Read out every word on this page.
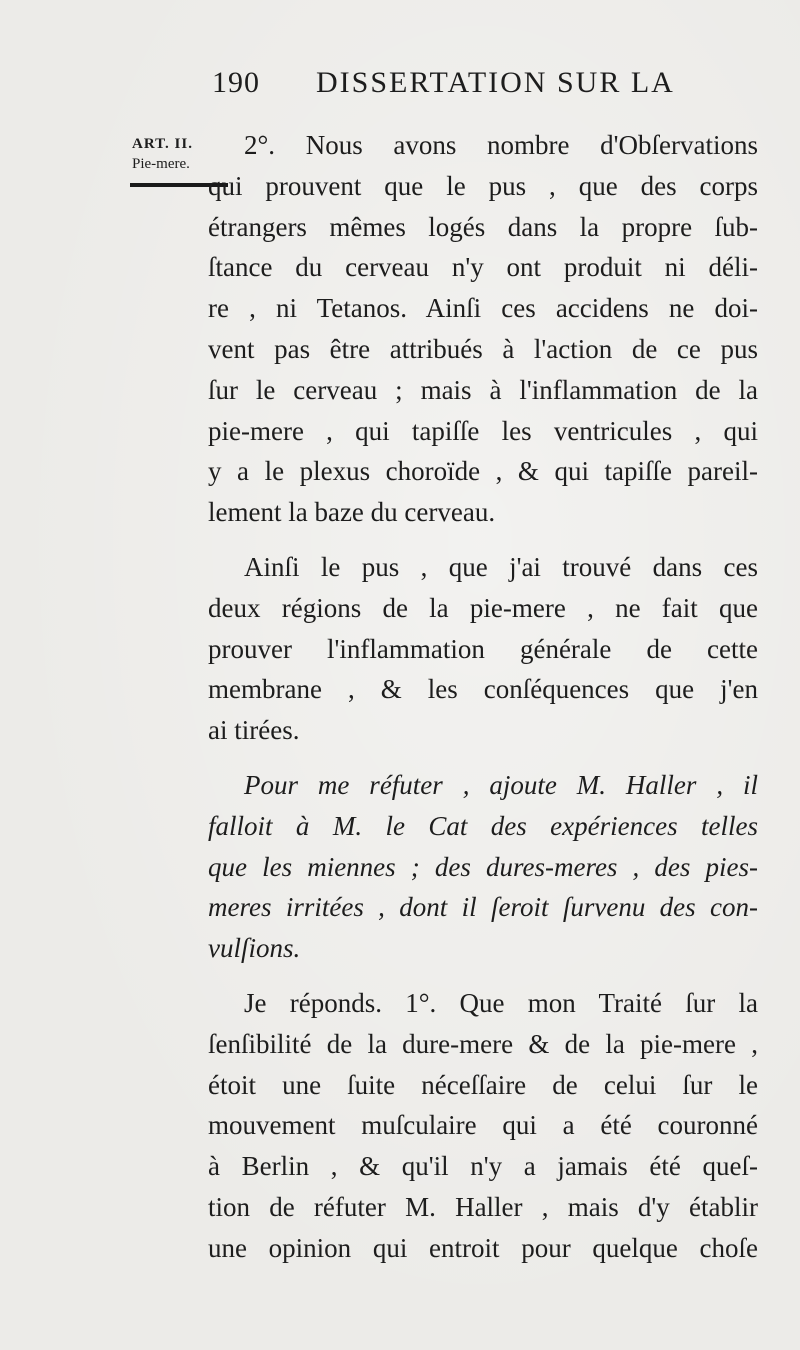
190 DISSERTATION SUR LA
ART. II.
Pie-mere.
2°. Nous avons nombre d'Obſervations
qui prouvent que le pus , que des corps
étrangers mêmes logés dans la propre ſub-
ſtance du cerveau n'y ont produit ni déli-
re , ni Tetanos. Ainſi ces accidens ne doi-
vent pas être attribués à l'action de ce pus
ſur le cerveau ; mais à l'inflammation de la
pie-mere , qui tapiſſe les ventricules , qui
y a le plexus choroïde , & qui tapiſſe pareil-
lement la baze du cerveau.
Ainſi le pus , que j'ai trouvé dans ces
deux régions de la pie-mere , ne fait que
prouver l'inflammation générale de cette
membrane , & les conſéquences que j'en
ai tirées.
Pour me réfuter , ajoute M. Haller , il
falloit à M. le Cat des expériences telles
que les miennes ; des dures-meres , des pies-
meres irritées , dont il ſeroit ſurvenu des con-
vulſions.
Je réponds. 1°. Que mon Traité ſur la
ſenſibilité de la dure-mere & de la pie-mere ,
étoit une ſuite néceſſaire de celui ſur le
mouvement muſculaire qui a été couronné
à Berlin , & qu'il n'y a jamais été queſ-
tion de réfuter M. Haller , mais d'y établir
une opinion qui entroit pour quelque choſe
